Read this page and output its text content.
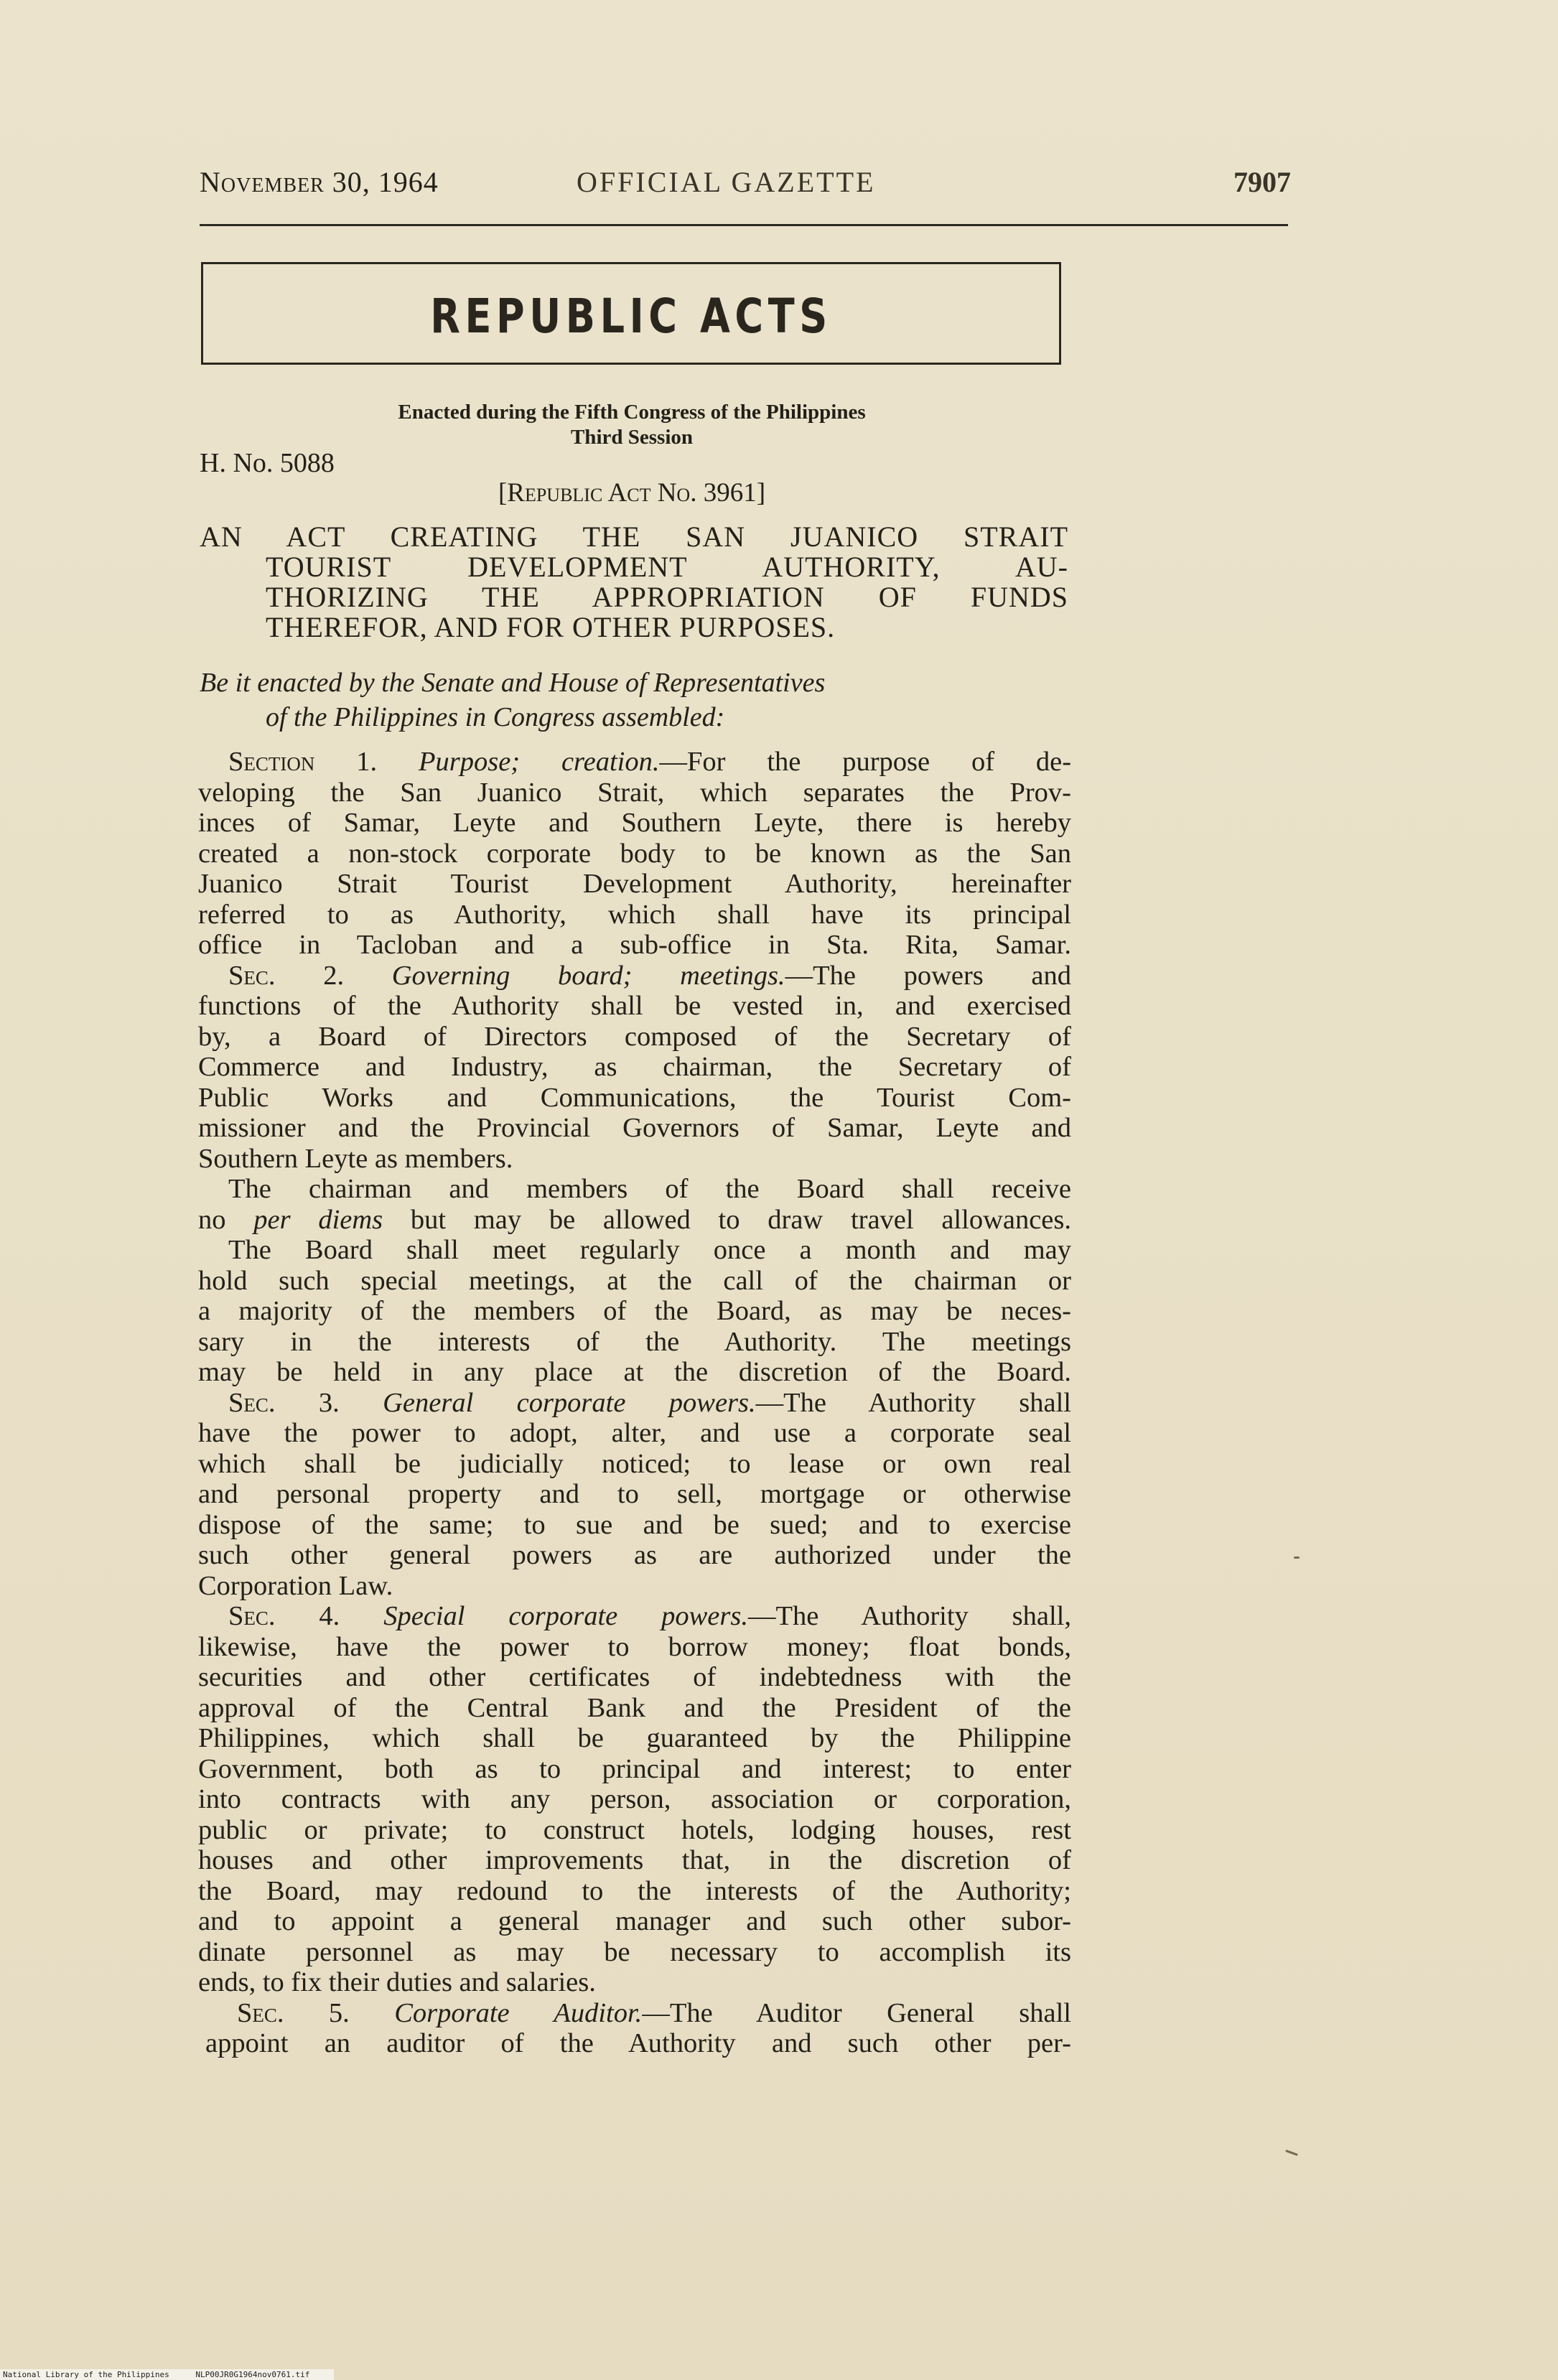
November 30, 1964	OFFICIAL GAZETTE	7907
REPUBLIC ACTS
Enacted during the Fifth Congress of the Philippines
Third Session
H. No. 5088
[Republic Act No. 3961]
AN ACT CREATING THE SAN JUANICO STRAIT
TOURIST DEVELOPMENT AUTHORITY, AU-
THORIZING THE APPROPRIATION OF FUNDS
THEREFOR, AND FOR OTHER PURPOSES.
Be it enacted by the Senate and House of Representatives
of the Philippines in Congress assembled:
Section 1. Purpose; creation.—For the purpose of de-
veloping the San Juanico Strait, which separates the Prov-
inces of Samar, Leyte and Southern Leyte, there is hereby
created a non-stock corporate body to be known as the San
Juanico Strait Tourist Development Authority, hereinafter
referred to as Authority, which shall have its principal
office in Tacloban and a sub-office in Sta. Rita, Samar.
Sec. 2. Governing board; meetings.—The powers and
functions of the Authority shall be vested in, and exercised
by, a Board of Directors composed of the Secretary of
Commerce and Industry, as chairman, the Secretary of
Public Works and Communications, the Tourist Com-
missioner and the Provincial Governors of Samar, Leyte and
Southern Leyte as members.
The chairman and members of the Board shall receive
no per diems but may be allowed to draw travel allowances.
The Board shall meet regularly once a month and may
hold such special meetings, at the call of the chairman or
a majority of the members of the Board, as may be neces-
sary in the interests of the Authority. The meetings
may be held in any place at the discretion of the Board.
Sec. 3. General corporate powers.—The Authority shall
have the power to adopt, alter, and use a corporate seal
which shall be judicially noticed; to lease or own real
and personal property and to sell, mortgage or otherwise
dispose of the same; to sue and be sued; and to exercise
such other general powers as are authorized under the
Corporation Law.
Sec. 4. Special corporate powers.—The Authority shall,
likewise, have the power to borrow money; float bonds,
securities and other certificates of indebtedness with the
approval of the Central Bank and the President of the
Philippines, which shall be guaranteed by the Philippine
Government, both as to principal and interest; to enter
into contracts with any person, association or corporation,
public or private; to construct hotels, lodging houses, rest
houses and other improvements that, in the discretion of
the Board, may redound to the interests of the Authority;
and to appoint a general manager and such other subor-
dinate personnel as may be necessary to accomplish its
ends, to fix their duties and salaries.
Sec. 5. Corporate Auditor.—The Auditor General shall
appoint an auditor of the Authority and such other per-
National Library of the Philippines	NLP00JR0G1964nov0761.tif
